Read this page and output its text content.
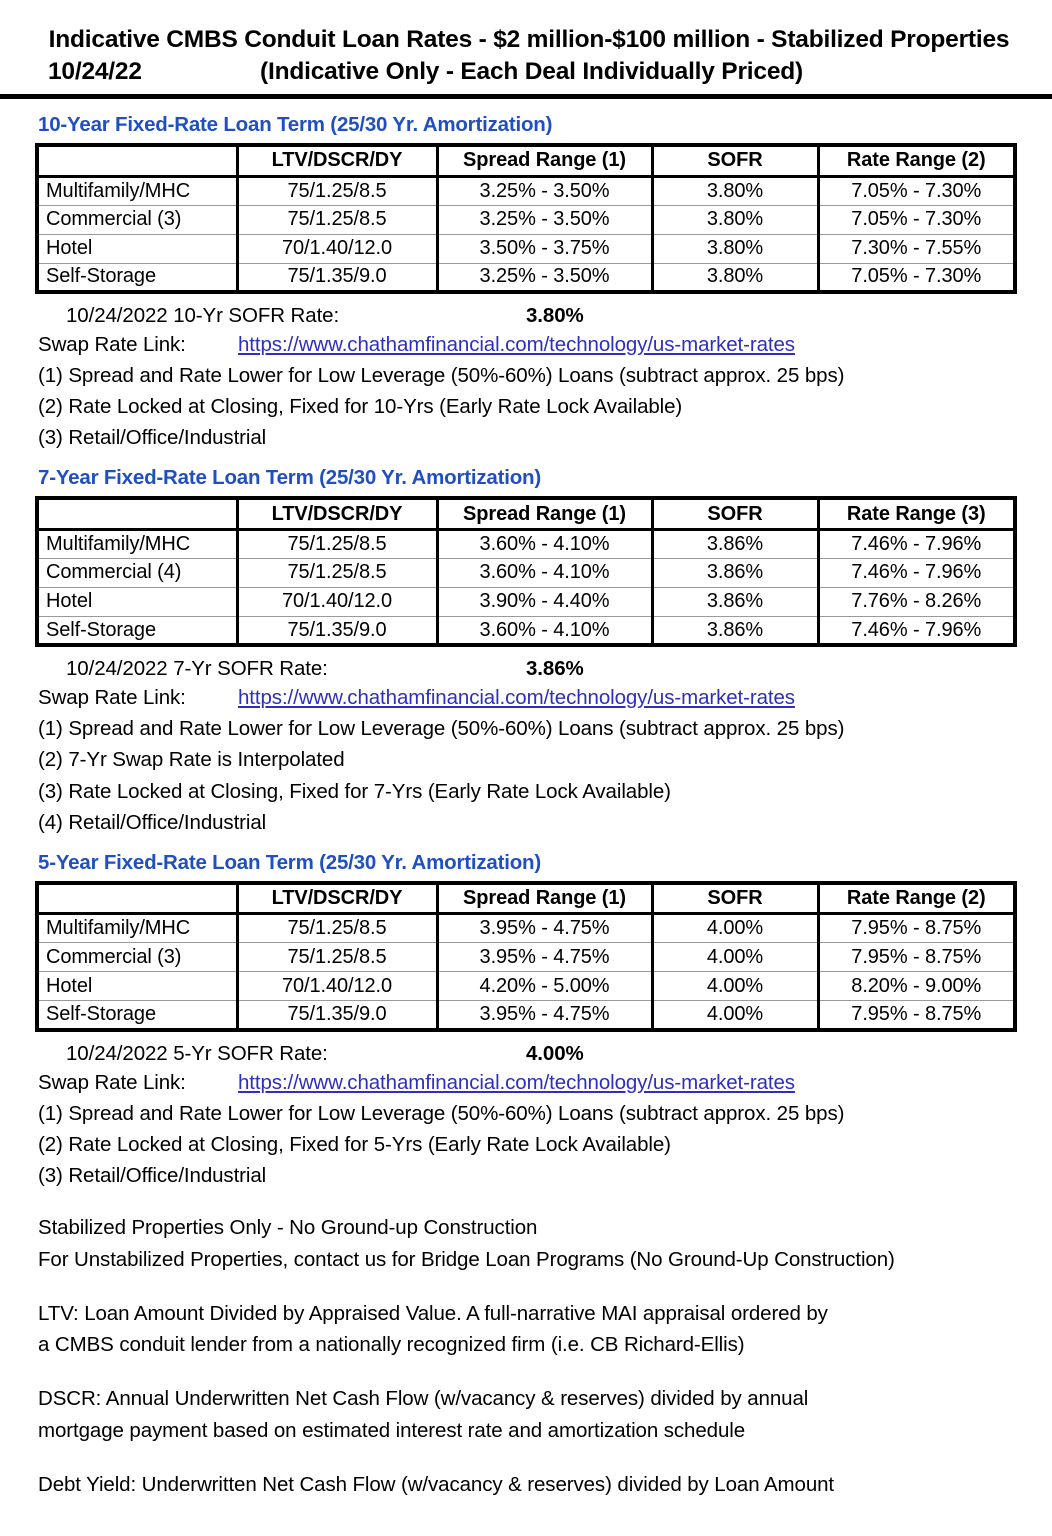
Indicative CMBS Conduit Loan Rates - $2 million-$100 million - Stabilized Properties
10/24/22	(Indicative Only - Each Deal Individually Priced)
10-Year Fixed-Rate Loan Term (25/30 Yr. Amortization)
	LTV/DSCR/DY	Spread Range (1)	SOFR	Rate Range (2)
Multifamily/MHC	75/1.25/8.5	3.25% - 3.50%	3.80%	7.05% - 7.30%
Commercial (3)	75/1.25/8.5	3.25% - 3.50%	3.80%	7.05% - 7.30%
Hotel	70/1.40/12.0	3.50% - 3.75%	3.80%	7.30% - 7.55%
Self-Storage	75/1.35/9.0	3.25% - 3.50%	3.80%	7.05% - 7.30%
10/24/2022 10-Yr SOFR Rate:	3.80%
Swap Rate Link:	https://www.chathamfinancial.com/technology/us-market-rates
(1) Spread and Rate Lower for Low Leverage (50%-60%) Loans (subtract approx. 25 bps)
(2) Rate Locked at Closing, Fixed for 10-Yrs (Early Rate Lock Available)
(3) Retail/Office/Industrial
7-Year Fixed-Rate Loan Term (25/30 Yr. Amortization)
	LTV/DSCR/DY	Spread Range (1)	SOFR	Rate Range (3)
Multifamily/MHC	75/1.25/8.5	3.60% - 4.10%	3.86%	7.46% - 7.96%
Commercial (4)	75/1.25/8.5	3.60% - 4.10%	3.86%	7.46% - 7.96%
Hotel	70/1.40/12.0	3.90% - 4.40%	3.86%	7.76% - 8.26%
Self-Storage	75/1.35/9.0	3.60% - 4.10%	3.86%	7.46% - 7.96%
10/24/2022 7-Yr SOFR Rate:	3.86%
Swap Rate Link:	https://www.chathamfinancial.com/technology/us-market-rates
(1) Spread and Rate Lower for Low Leverage (50%-60%) Loans (subtract approx. 25 bps)
(2) 7-Yr Swap Rate is Interpolated
(3) Rate Locked at Closing, Fixed for 7-Yrs (Early Rate Lock Available)
(4) Retail/Office/Industrial
5-Year Fixed-Rate Loan Term (25/30 Yr. Amortization)
	LTV/DSCR/DY	Spread Range (1)	SOFR	Rate Range (2)
Multifamily/MHC	75/1.25/8.5	3.95% - 4.75%	4.00%	7.95% - 8.75%
Commercial (3)	75/1.25/8.5	3.95% - 4.75%	4.00%	7.95% - 8.75%
Hotel	70/1.40/12.0	4.20% - 5.00%	4.00%	8.20% - 9.00%
Self-Storage	75/1.35/9.0	3.95% - 4.75%	4.00%	7.95% - 8.75%
10/24/2022 5-Yr SOFR Rate:	4.00%
Swap Rate Link:	https://www.chathamfinancial.com/technology/us-market-rates
(1) Spread and Rate Lower for Low Leverage (50%-60%) Loans (subtract approx. 25 bps)
(2) Rate Locked at Closing, Fixed for 5-Yrs (Early Rate Lock Available)
(3) Retail/Office/Industrial
Stabilized Properties Only - No Ground-up Construction
For Unstabilized Properties, contact us for Bridge Loan Programs (No Ground-Up Construction)
LTV: Loan Amount Divided by Appraised Value. A full-narrative MAI appraisal ordered by
a CMBS conduit lender from a nationally recognized firm (i.e. CB Richard-Ellis)
DSCR: Annual Underwritten Net Cash Flow (w/vacancy & reserves) divided by annual
mortgage payment based on estimated interest rate and amortization schedule
Debt Yield: Underwritten Net Cash Flow (w/vacancy & reserves) divided by Loan Amount
